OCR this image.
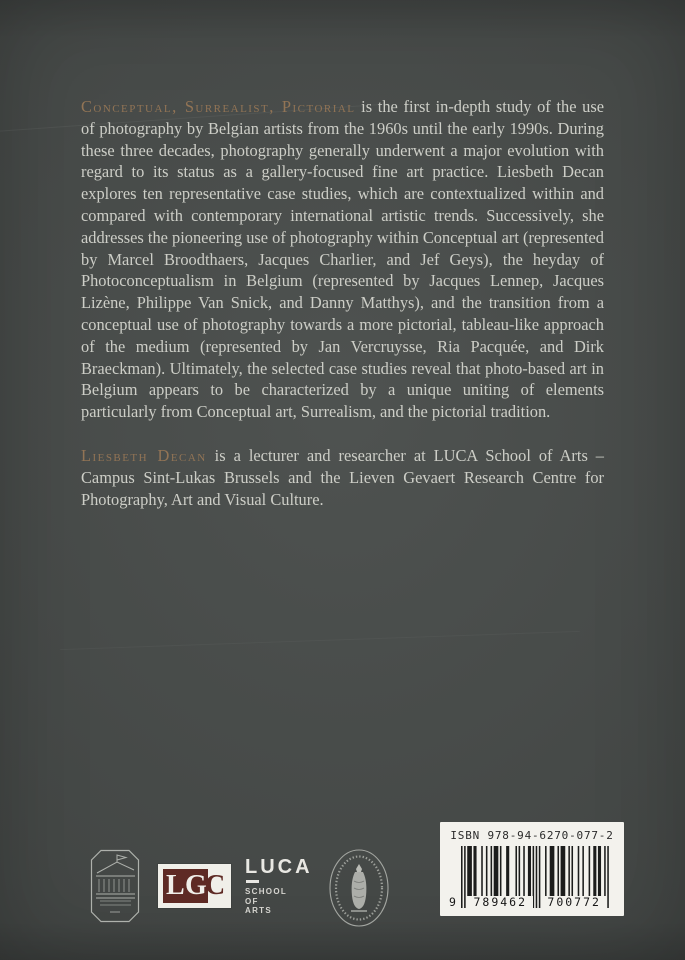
Conceptual, Surrealist, Pictorial is the first in-depth study of the use of photography by Belgian artists from the 1960s until the early 1990s. During these three decades, photography generally underwent a major evolution with regard to its status as a gallery-focused fine art practice. Liesbeth Decan explores ten representative case studies, which are contextualized within and compared with contemporary international artistic trends. Successively, she addresses the pioneering use of photography within Conceptual art (represented by Marcel Broodthaers, Jacques Charlier, and Jef Geys), the heyday of Photoconceptualism in Belgium (represented by Jacques Lennep, Jacques Lizène, Philippe Van Snick, and Danny Matthys), and the transition from a conceptual use of photography towards a more pictorial, tableau-like approach of the medium (represented by Jan Vercruysse, Ria Pacquée, and Dirk Braeckman). Ultimately, the selected case studies reveal that photo-based art in Belgium appears to be characterized by a unique uniting of elements particularly from Conceptual art, Surrealism, and the pictorial tradition.

Liesbeth Decan is a lecturer and researcher at LUCA School of Arts – Campus Sint-Lukas Brussels and the Lieven Gevaert Research Centre for Photography, Art and Visual Culture.

L G
C
LUCA
SCHOOL
OF
ARTS
ISBN 978-94-6270-077-2
9	789462	700772
